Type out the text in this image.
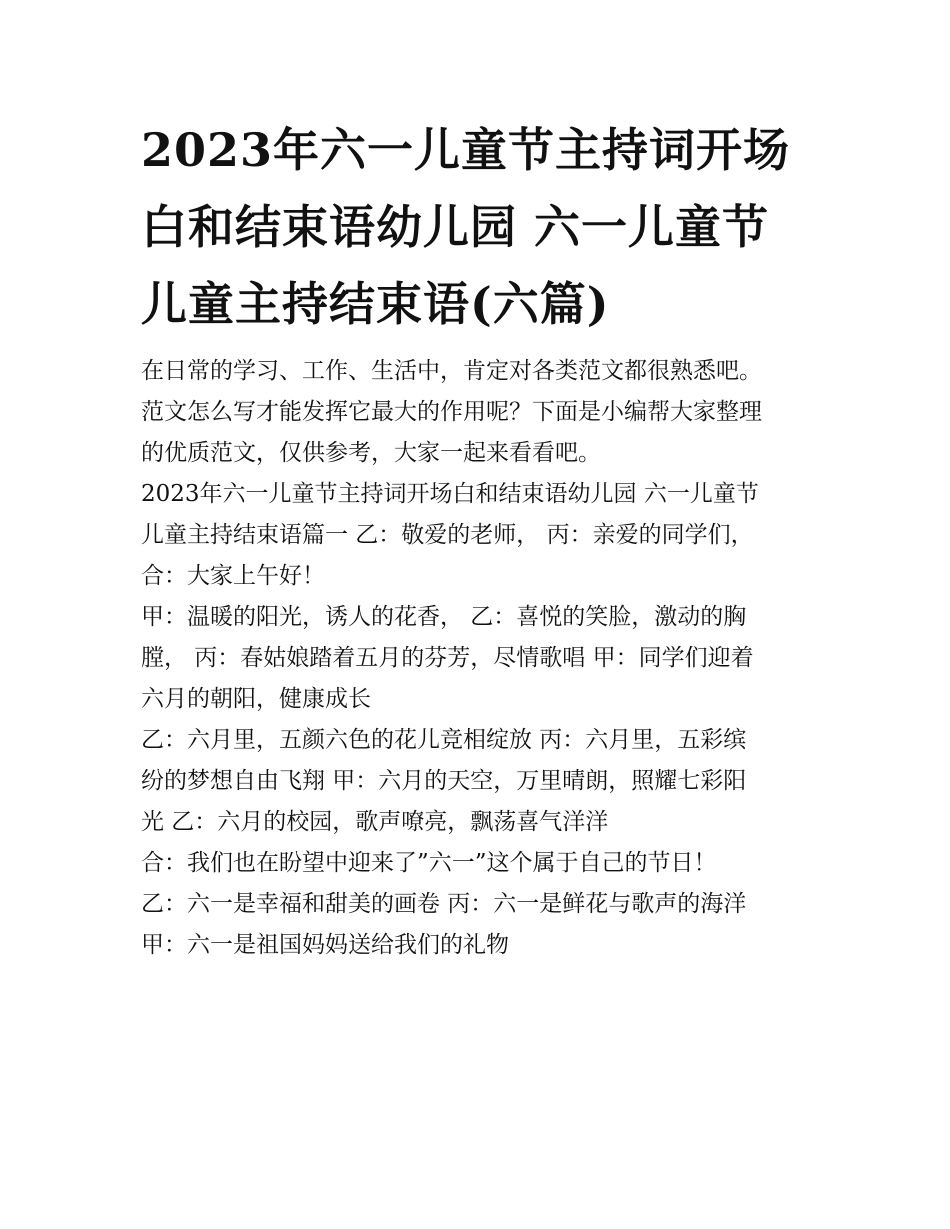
2023年六一儿童节主持词开场白和结束语幼儿园 六一儿童节儿童主持结束语(六篇)

在日常的学习、工作、生活中，肯定对各类范文都很熟悉吧。
范文怎么写才能发挥它最大的作用呢？下面是小编帮大家整理
的优质范文，仅供参考，大家一起来看看吧。

2023年六一儿童节主持词开场白和结束语幼儿园 六一儿童节
儿童主持结束语篇一 乙：敬爱的老师， 丙：亲爱的同学们，
合：大家上午好！

甲：温暖的阳光，诱人的花香， 乙：喜悦的笑脸，激动的胸
膛， 丙：春姑娘踏着五月的芬芳，尽情歌唱 甲：同学们迎着
六月的朝阳，健康成长

乙：六月里，五颜六色的花儿竞相绽放 丙：六月里，五彩缤
纷的梦想自由飞翔 甲：六月的天空，万里晴朗，照耀七彩阳
光 乙：六月的校园，歌声嘹亮，飘荡喜气洋洋

合：我们也在盼望中迎来了”六一”这个属于自己的节日！

乙：六一是幸福和甜美的画卷 丙：六一是鲜花与歌声的海洋
甲：六一是祖国妈妈送给我们的礼物
